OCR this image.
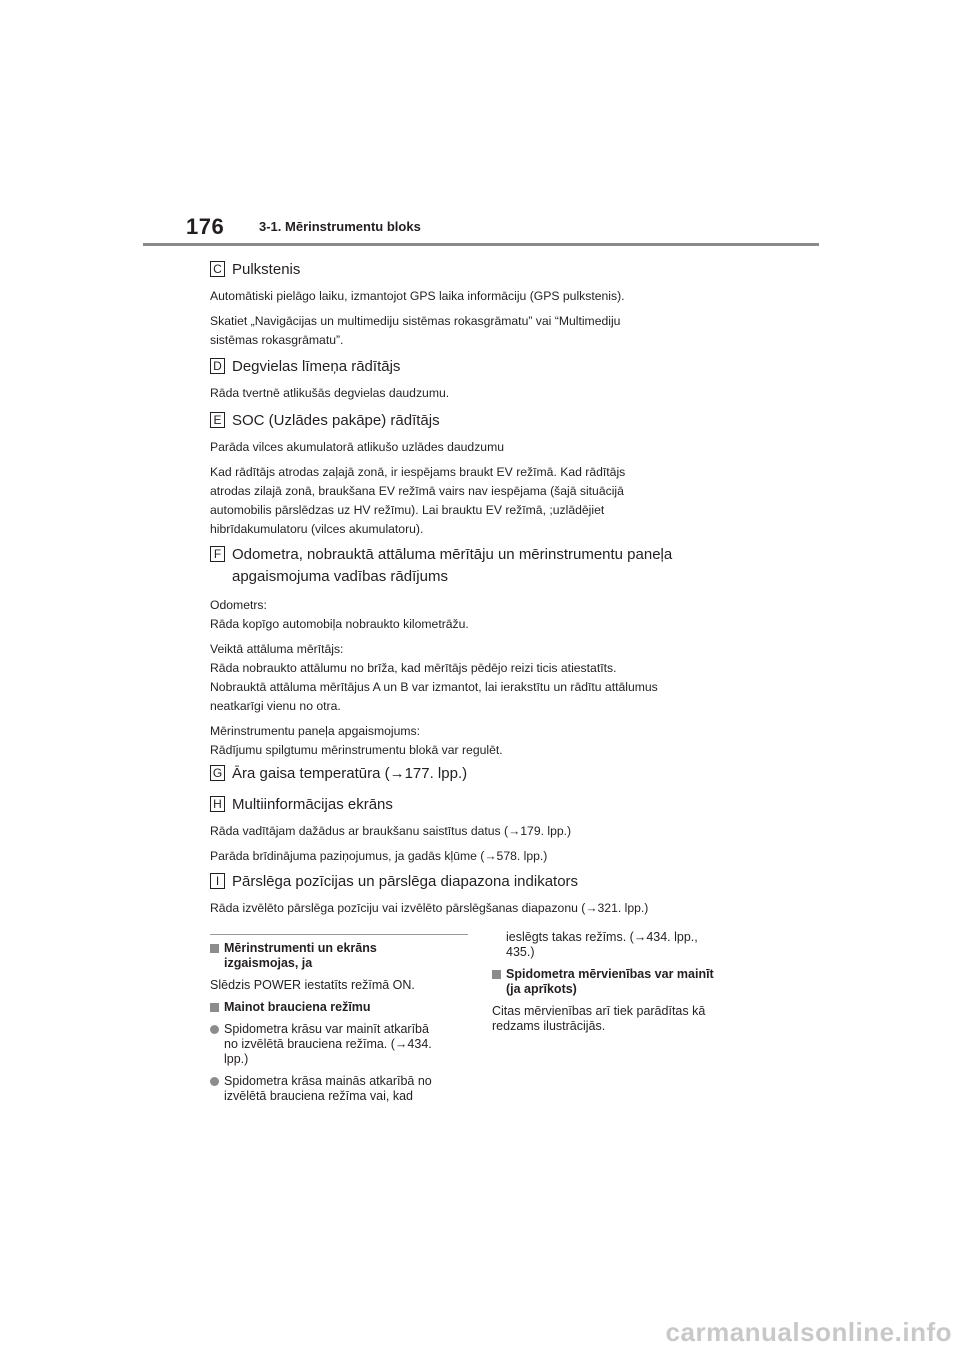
176	3-1. Mērinstrumentu bloks
C Pulkstenis

Automātiski pielāgo laiku, izmantojot GPS laika informāciju (GPS pulkstenis).

Skatiet „Navigācijas un multimediju sistēmas rokasgrāmatu” vai “Multimediju

sistēmas rokasgrāmatu”.

D Degvielas līmeņa rādītājs

Rāda tvertnē atlikušās degvielas daudzumu.

E SOC (Uzlādes pakāpe) rādītājs

Parāda vilces akumulatorā atlikušo uzlādes daudzumu

Kad rādītājs atrodas zaļajā zonā, ir iespējams braukt EV režīmā. Kad rādītājs

atrodas zilajā zonā, braukšana EV režīmā vairs nav iespējama (šajā situācijā

automobilis pārslēdzas uz HV režīmu). Lai brauktu EV režīmā, ;uzlādējiet

hibrīdakumulatoru (vilces akumulatoru).

F Odometra, nobrauktā attāluma mērītāju un mērinstrumentu paneļa
apgaismojuma vadības rādījums

Odometrs:

Rāda kopīgo automobiļa nobraukto kilometrāžu.

Veiktā attāluma mērītājs:

Rāda nobraukto attālumu no brīža, kad mērītājs pēdējo reizi ticis atiestatīts.

Nobrauktā attāluma mērītājus A un B var izmantot, lai ierakstītu un rādītu attālumus

neatkarīgi vienu no otra.

Mērinstrumentu paneļa apgaismojums:

Rādījumu spilgtumu mērinstrumentu blokā var regulēt.

G Āra gaisa temperatūra (→177. lpp.)
H Multiinformācijas ekrāns

Rāda vadītājam dažādus ar braukšanu saistītus datus (→179. lpp.)

Parāda brīdinājuma paziņojumus, ja gadās kļūme (→578. lpp.)

I Pārslēga pozīcijas un pārslēga diapazona indikators

Rāda izvēlēto pārslēga pozīciju vai izvēlēto pārslēgšanas diapazonu (→321. lpp.)

Mērinstrumenti un ekrāns
izgaismojas, ja
Slēdzis POWER iestatīts režīmā ON.
Mainot brauciena režīmu
Spidometra krāsu var mainīt atkarībā
no izvēlētā brauciena režīma. (→434.
lpp.)
Spidometra krāsa mainās atkarībā no
izvēlētā brauciena režīma vai, kad
ieslēgts takas režīms. (→434. lpp.,
435.)
Spidometra mērvienības var mainīt
(ja aprīkots)
Citas mērvienības arī tiek parādītas kā
redzams ilustrācijās.
carmanualsonline.info
